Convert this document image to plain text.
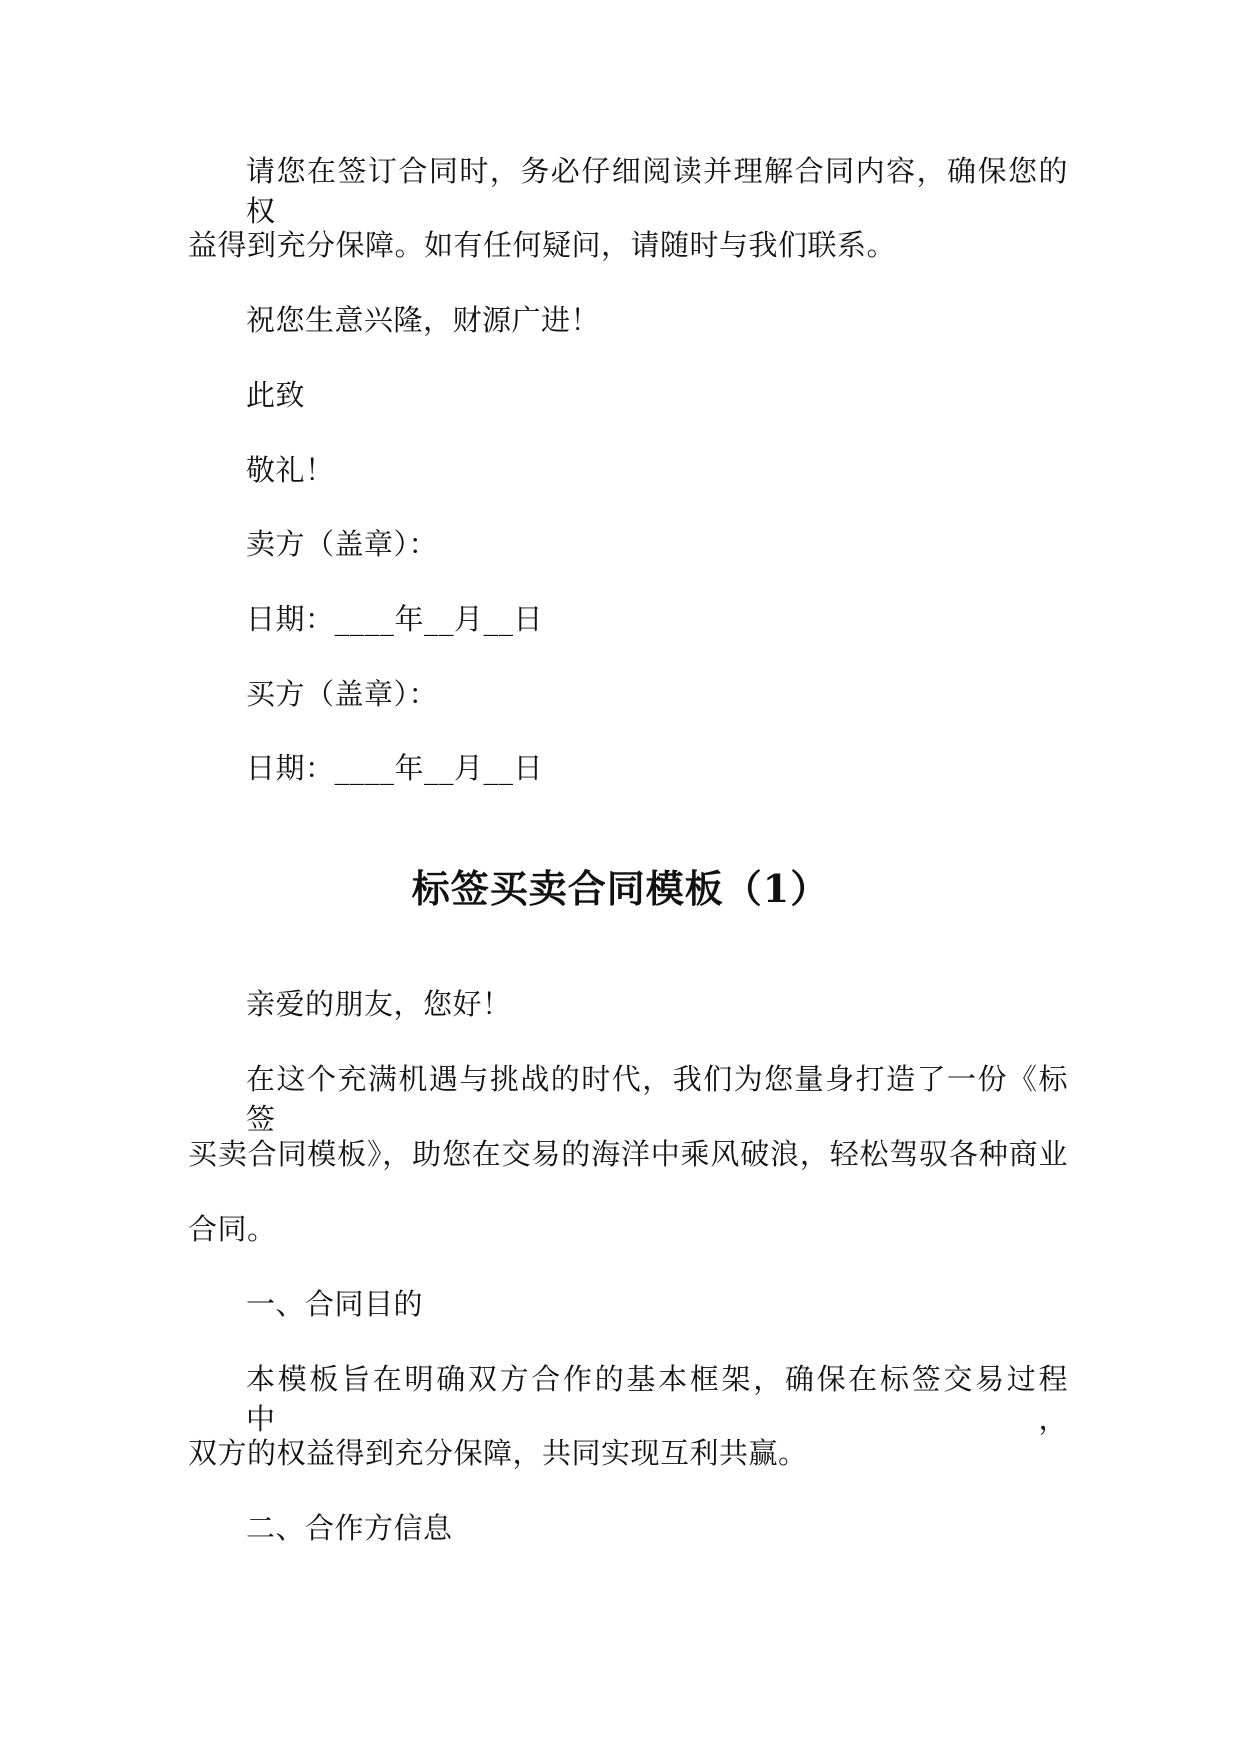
请您在签订合同时，务必仔细阅读并理解合同内容，确保您的权
益得到充分保障。如有任何疑问，请随时与我们联系。
祝您生意兴隆，财源广进！
此致
敬礼！
卖方（盖章）：
日期：____年__月__日
买方（盖章）：
日期：____年__月__日
标签买卖合同模板（1）
亲爱的朋友，您好！
在这个充满机遇与挑战的时代，我们为您量身打造了一份《标签
买卖合同模板》，助您在交易的海洋中乘风破浪，轻松驾驭各种商业
合同。
一、合同目的
本模板旨在明确双方合作的基本框架，确保在标签交易过程中，
双方的权益得到充分保障，共同实现互利共赢。
二、合作方信息
